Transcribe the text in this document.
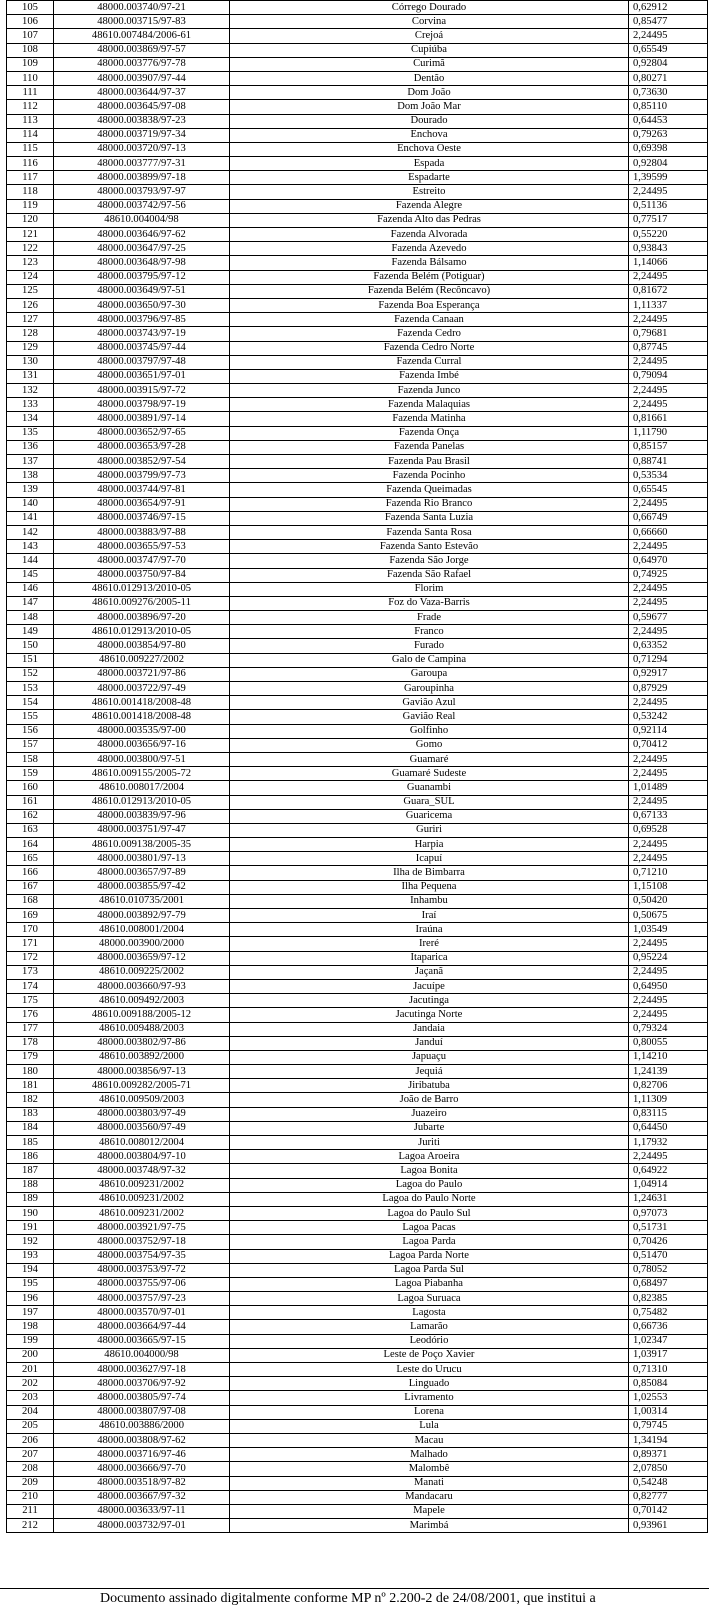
105	48000.003740/97-21	Córrego Dourado	0,62912
106	48000.003715/97-83	Corvina	0,85477
107	48610.007484/2006-61	Crejoá	2,24495
108	48000.003869/97-57	Cupiúba	0,65549
109	48000.003776/97-78	Curimã	0,92804
110	48000.003907/97-44	Dentão	0,80271
111	48000.003644/97-37	Dom João	0,73630
112	48000.003645/97-08	Dom João Mar	0,85110
113	48000.003838/97-23	Dourado	0,64453
114	48000.003719/97-34	Enchova	0,79263
115	48000.003720/97-13	Enchova Oeste	0,69398
116	48000.003777/97-31	Espada	0,92804
117	48000.003899/97-18	Espadarte	1,39599
118	48000.003793/97-97	Estreito	2,24495
119	48000.003742/97-56	Fazenda Alegre	0,51136
120	48610.004004/98	Fazenda Alto das Pedras	0,77517
121	48000.003646/97-62	Fazenda Alvorada	0,55220
122	48000.003647/97-25	Fazenda Azevedo	0,93843
123	48000.003648/97-98	Fazenda Bálsamo	1,14066
124	48000.003795/97-12	Fazenda Belém (Potiguar)	2,24495
125	48000.003649/97-51	Fazenda Belém (Recôncavo)	0,81672
126	48000.003650/97-30	Fazenda Boa Esperança	1,11337
127	48000.003796/97-85	Fazenda Canaan	2,24495
128	48000.003743/97-19	Fazenda Cedro	0,79681
129	48000.003745/97-44	Fazenda Cedro Norte	0,87745
130	48000.003797/97-48	Fazenda Curral	2,24495
131	48000.003651/97-01	Fazenda Imbé	0,79094
132	48000.003915/97-72	Fazenda Junco	2,24495
133	48000.003798/97-19	Fazenda Malaquias	2,24495
134	48000.003891/97-14	Fazenda Matinha	0,81661
135	48000.003652/97-65	Fazenda Onça	1,11790
136	48000.003653/97-28	Fazenda Panelas	0,85157
137	48000.003852/97-54	Fazenda Pau Brasil	0,88741
138	48000.003799/97-73	Fazenda Pocinho	0,53534
139	48000.003744/97-81	Fazenda Queimadas	0,65545
140	48000.003654/97-91	Fazenda Rio Branco	2,24495
141	48000.003746/97-15	Fazenda Santa Luzia	0,66749
142	48000.003883/97-88	Fazenda Santa Rosa	0,66660
143	48000.003655/97-53	Fazenda Santo Estevão	2,24495
144	48000.003747/97-70	Fazenda São Jorge	0,64970
145	48000.003750/97-84	Fazenda São Rafael	0,74925
146	48610.012913/2010-05	Florim	2,24495
147	48610.009276/2005-11	Foz do Vaza-Barris	2,24495
148	48000.003896/97-20	Frade	0,59677
149	48610.012913/2010-05	Franco	2,24495
150	48000.003854/97-80	Furado	0,63352
151	48610.009227/2002	Galo de Campina	0,71294
152	48000.003721/97-86	Garoupa	0,92917
153	48000.003722/97-49	Garoupinha	0,87929
154	48610.001418/2008-48	Gavião Azul	2,24495
155	48610.001418/2008-48	Gavião Real	0,53242
156	48000.003535/97-00	Golfinho	0,92114
157	48000.003656/97-16	Gomo	0,70412
158	48000.003800/97-51	Guamaré	2,24495
159	48610.009155/2005-72	Guamaré Sudeste	2,24495
160	48610.008017/2004	Guanambi	1,01489
161	48610.012913/2010-05	Guara_SUL	2,24495
162	48000.003839/97-96	Guaricema	0,67133
163	48000.003751/97-47	Guriri	0,69528
164	48610.009138/2005-35	Harpia	2,24495
165	48000.003801/97-13	Icapuí	2,24495
166	48000.003657/97-89	Ilha de Bimbarra	0,71210
167	48000.003855/97-42	Ilha Pequena	1,15108
168	48610.010735/2001	Inhambu	0,50420
169	48000.003892/97-79	Iraí	0,50675
170	48610.008001/2004	Iraúna	1,03549
171	48000.003900/2000	Ireré	2,24495
172	48000.003659/97-12	Itaparica	0,95224
173	48610.009225/2002	Jaçanã	2,24495
174	48000.003660/97-93	Jacuípe	0,64950
175	48610.009492/2003	Jacutinga	2,24495
176	48610.009188/2005-12	Jacutinga Norte	2,24495
177	48610.009488/2003	Jandaia	0,79324
178	48000.003802/97-86	Janduí	0,80055
179	48610.003892/2000	Japuaçu	1,14210
180	48000.003856/97-13	Jequiá	1,24139
181	48610.009282/2005-71	Jiribatuba	0,82706
182	48610.009509/2003	João de Barro	1,11309
183	48000.003803/97-49	Juazeiro	0,83115
184	48000.003560/97-49	Jubarte	0,64450
185	48610.008012/2004	Juriti	1,17932
186	48000.003804/97-10	Lagoa Aroeira	2,24495
187	48000.003748/97-32	Lagoa Bonita	0,64922
188	48610.009231/2002	Lagoa do Paulo	1,04914
189	48610.009231/2002	Lagoa do Paulo Norte	1,24631
190	48610.009231/2002	Lagoa do Paulo Sul	0,97073
191	48000.003921/97-75	Lagoa Pacas	0,51731
192	48000.003752/97-18	Lagoa Parda	0,70426
193	48000.003754/97-35	Lagoa Parda Norte	0,51470
194	48000.003753/97-72	Lagoa Parda Sul	0,78052
195	48000.003755/97-06	Lagoa Piabanha	0,68497
196	48000.003757/97-23	Lagoa Suruaca	0,82385
197	48000.003570/97-01	Lagosta	0,75482
198	48000.003664/97-44	Lamarão	0,66736
199	48000.003665/97-15	Leodório	1,02347
200	48610.004000/98	Leste de Poço Xavier	1,03917
201	48000.003627/97-18	Leste do Urucu	0,71310
202	48000.003706/97-92	Linguado	0,85084
203	48000.003805/97-74	Livramento	1,02553
204	48000.003807/97-08	Lorena	1,00314
205	48610.003886/2000	Lula	0,79745
206	48000.003808/97-62	Macau	1,34194
207	48000.003716/97-46	Malhado	0,89371
208	48000.003666/97-70	Malombê	2,07850
209	48000.003518/97-82	Manati	0,54248
210	48000.003667/97-32	Mandacaru	0,82777
211	48000.003633/97-11	Mapele	0,70142
212	48000.003732/97-01	Marimbá	0,93961
Documento assinado digitalmente conforme MP nº 2.200-2 de 24/08/2001, que institui a
